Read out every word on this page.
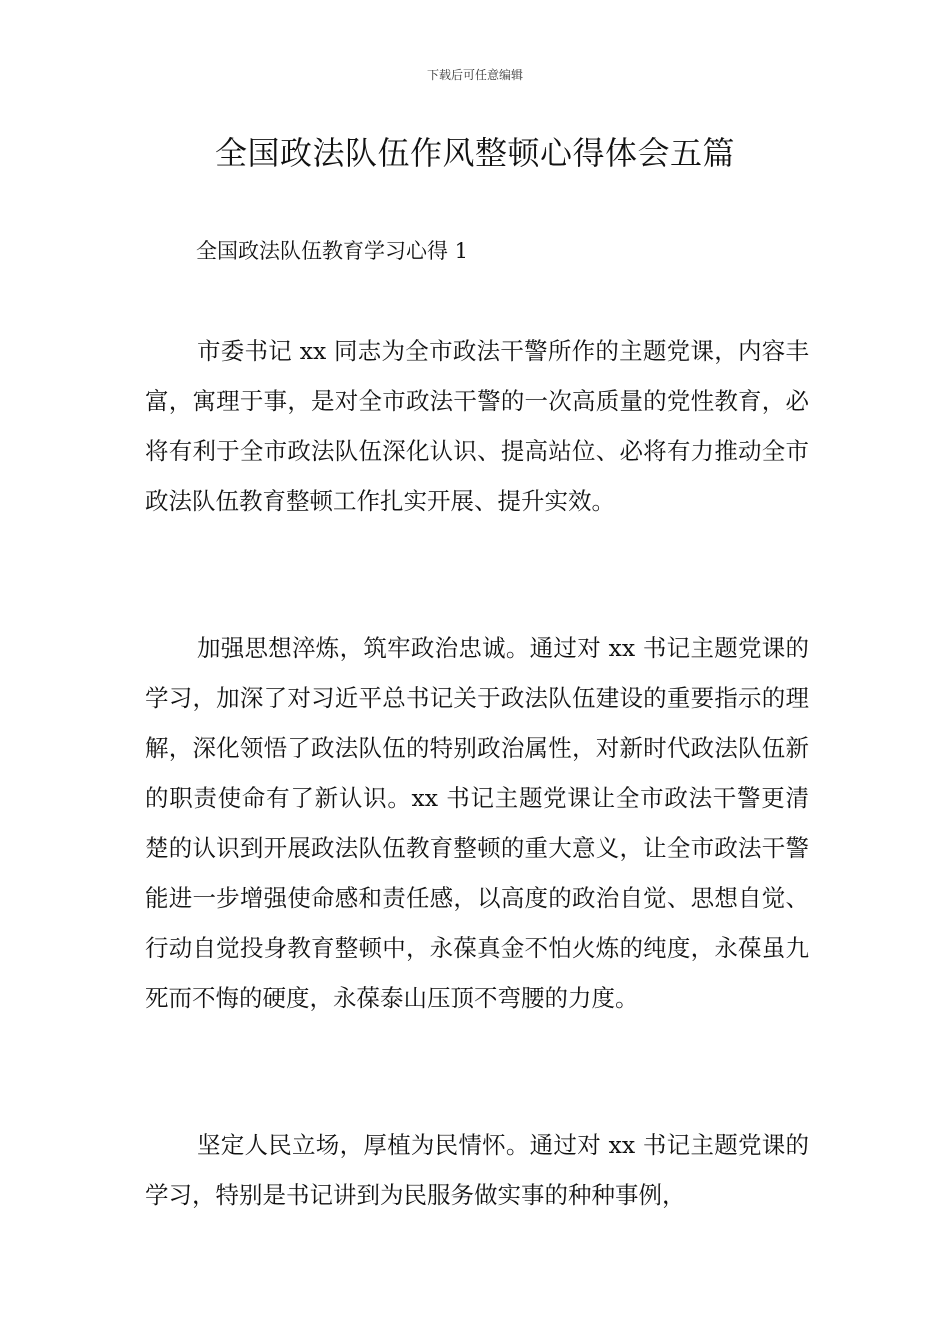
下载后可任意编辑
全国政法队伍作风整顿心得体会五篇

全国政法队伍教育学习心得 1

市委书记 xx 同志为全市政法干警所作的主题党课，内容丰富，寓理于事，是对全市政法干警的一次高质量的党性教育，必将有利于全市政法队伍深化认识、提高站位、必将有力推动全市政法队伍教育整顿工作扎实开展、提升实效。

加强思想淬炼，筑牢政治忠诚。通过对 xx 书记主题党课的学习，加深了对习近平总书记关于政法队伍建设的重要指示的理解，深化领悟了政法队伍的特别政治属性，对新时代政法队伍新的职责使命有了新认识。xx 书记主题党课让全市政法干警更清楚的认识到开展政法队伍教育整顿的重大意义，让全市政法干警能进一步增强使命感和责任感，以高度的政治自觉、思想自觉、行动自觉投身教育整顿中，永葆真金不怕火炼的纯度，永葆虽九死而不悔的硬度，永葆泰山压顶不弯腰的力度。

坚定人民立场，厚植为民情怀。通过对 xx 书记主题党课的学习，特别是书记讲到为民服务做实事的种种事例，
